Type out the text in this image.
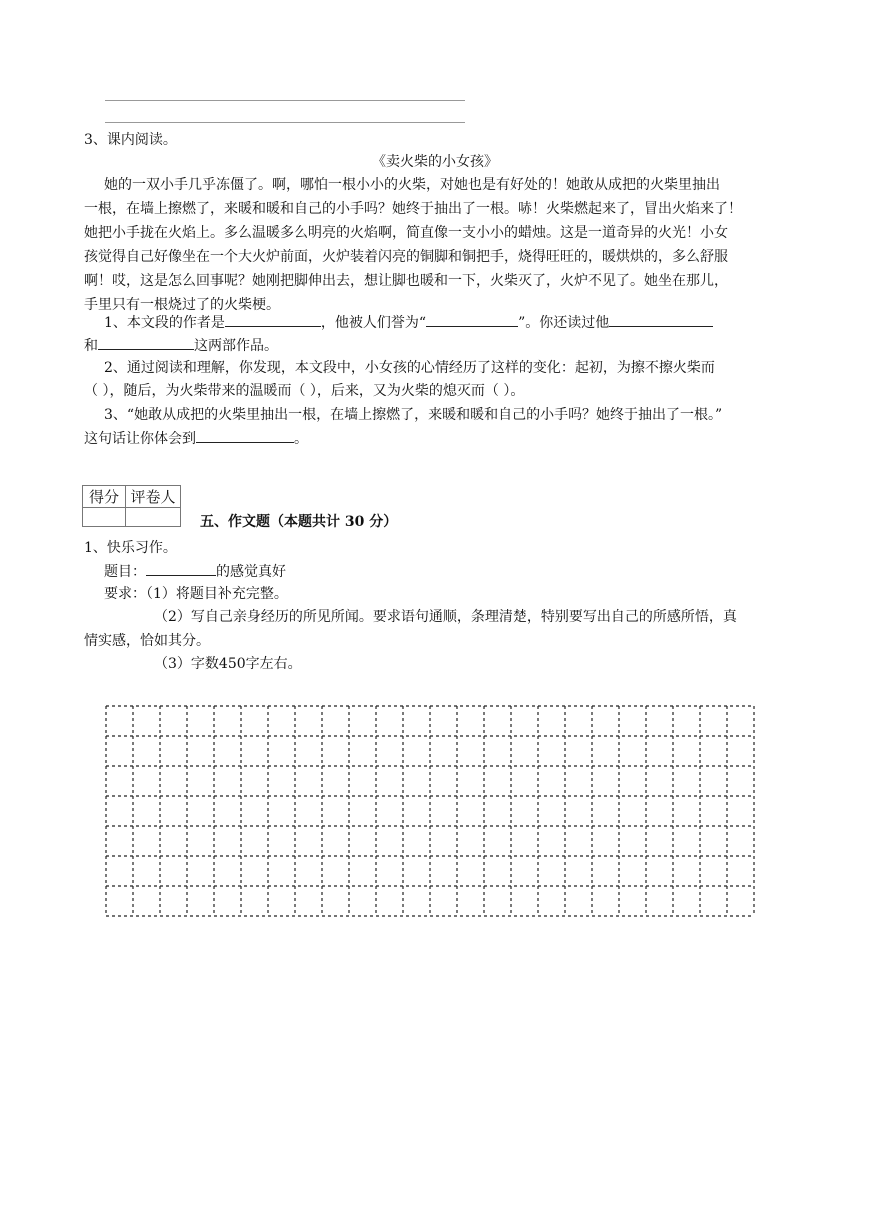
3、课内阅读。
《卖火柴的小女孩》
她的一双小手几乎冻僵了。啊，哪怕一根小小的火柴，对她也是有好处的！她敢从成把的火柴里抽出
一根，在墙上擦燃了，来暖和暖和自己的小手吗？她终于抽出了一根。哧！火柴燃起来了，冒出火焰来了！
她把小手拢在火焰上。多么温暖多么明亮的火焰啊，简直像一支小小的蜡烛。这是一道奇异的火光！小女
孩觉得自己好像坐在一个大火炉前面，火炉装着闪亮的铜脚和铜把手，烧得旺旺的，暖烘烘的，多么舒服
啊！哎，这是怎么回事呢？她刚把脚伸出去，想让脚也暖和一下，火柴灭了，火炉不见了。她坐在那儿，
手里只有一根烧过了的火柴梗。
1、本文段的作者是	，他被人们誉为“	”。你还读过他
和	这两部作品。
2、通过阅读和理解，你发现，本文段中，小女孩的心情经历了这样的变化：起初，为擦不擦火柴而
（ ），随后，为火柴带来的温暖而（ ），后来，又为火柴的熄灭而（ ）。
3、“她敢从成把的火柴里抽出一根，在墙上擦燃了，来暖和暖和自己的小手吗？她终于抽出了一根。”
这句话让你体会到	。
得分	评卷人

五、作文题（本题共计 30 分）
1、快乐习作。
题目：	的感觉真好
要求：（1）将题目补充完整。
（2）写自己亲身经历的所见所闻。要求语句通顺，条理清楚，特别要写出自己的所感所悟，真
情实感，恰如其分。
（3）字数450字左右。
